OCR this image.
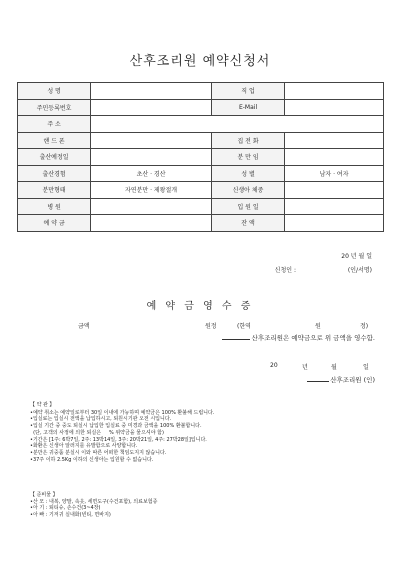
산후조리원 예약신청서
성 명		직 업	
주민등록번호		E-Mail	
주 소			
핸 드 폰		집 전 화	
출산예정일		분 만 임	
출산경험	초산 · 경산	성 별	남자 · 여자
분만형태	자연분만 · 제왕절개	신생아 체중	
병 원		입 원 일	
예 약 금		잔 액	
20 년 월 일
신청인 :	(인/서명)
예 약 금 영 수 증
금액	원정	(한역	원	정)
산후조리원은 예약금으로 위 금액을 영수함.
20	년	월	일
산후조리원 (인)
【 약 관 】
•예약 취소는 예약일로부터 30일 이내에 가능하며 예약금은 100% 환불해 드립니다.
•입실료는 입실시 전액을 납입하시고, 퇴원시기관 오전 시입니다.
•입실 기간 중 중도 퇴실시 납입한 입실료 중 미경과 금액을 100% 환불합니다.
(단, 고객의 사정에 의한 퇴실은     % 위약금을 물으셔야 함)
•기간은 [1주: 6박7일, 2주: 13박14일, 3주: 20박21일, 4주: 27박28일]입니다.
•화환은 신생아 알러지를 유발함으로 사양합니다.
•분만은 귀중품 분실시 이와 따른 어떠한 책임도지지 않습니다.
•37주 이하 2.5Kg 이하의 신생아는 입원할 수 없습니다.
【 준비물 】
•산 모 : 내복, 양말, 속옷, 세면도구(수건포함), 의료보험증
•아 기 : 퇴티슈, 손수건(3~4장)
•아 빠 : 기저귀 실내화(빈티, 면바지)
